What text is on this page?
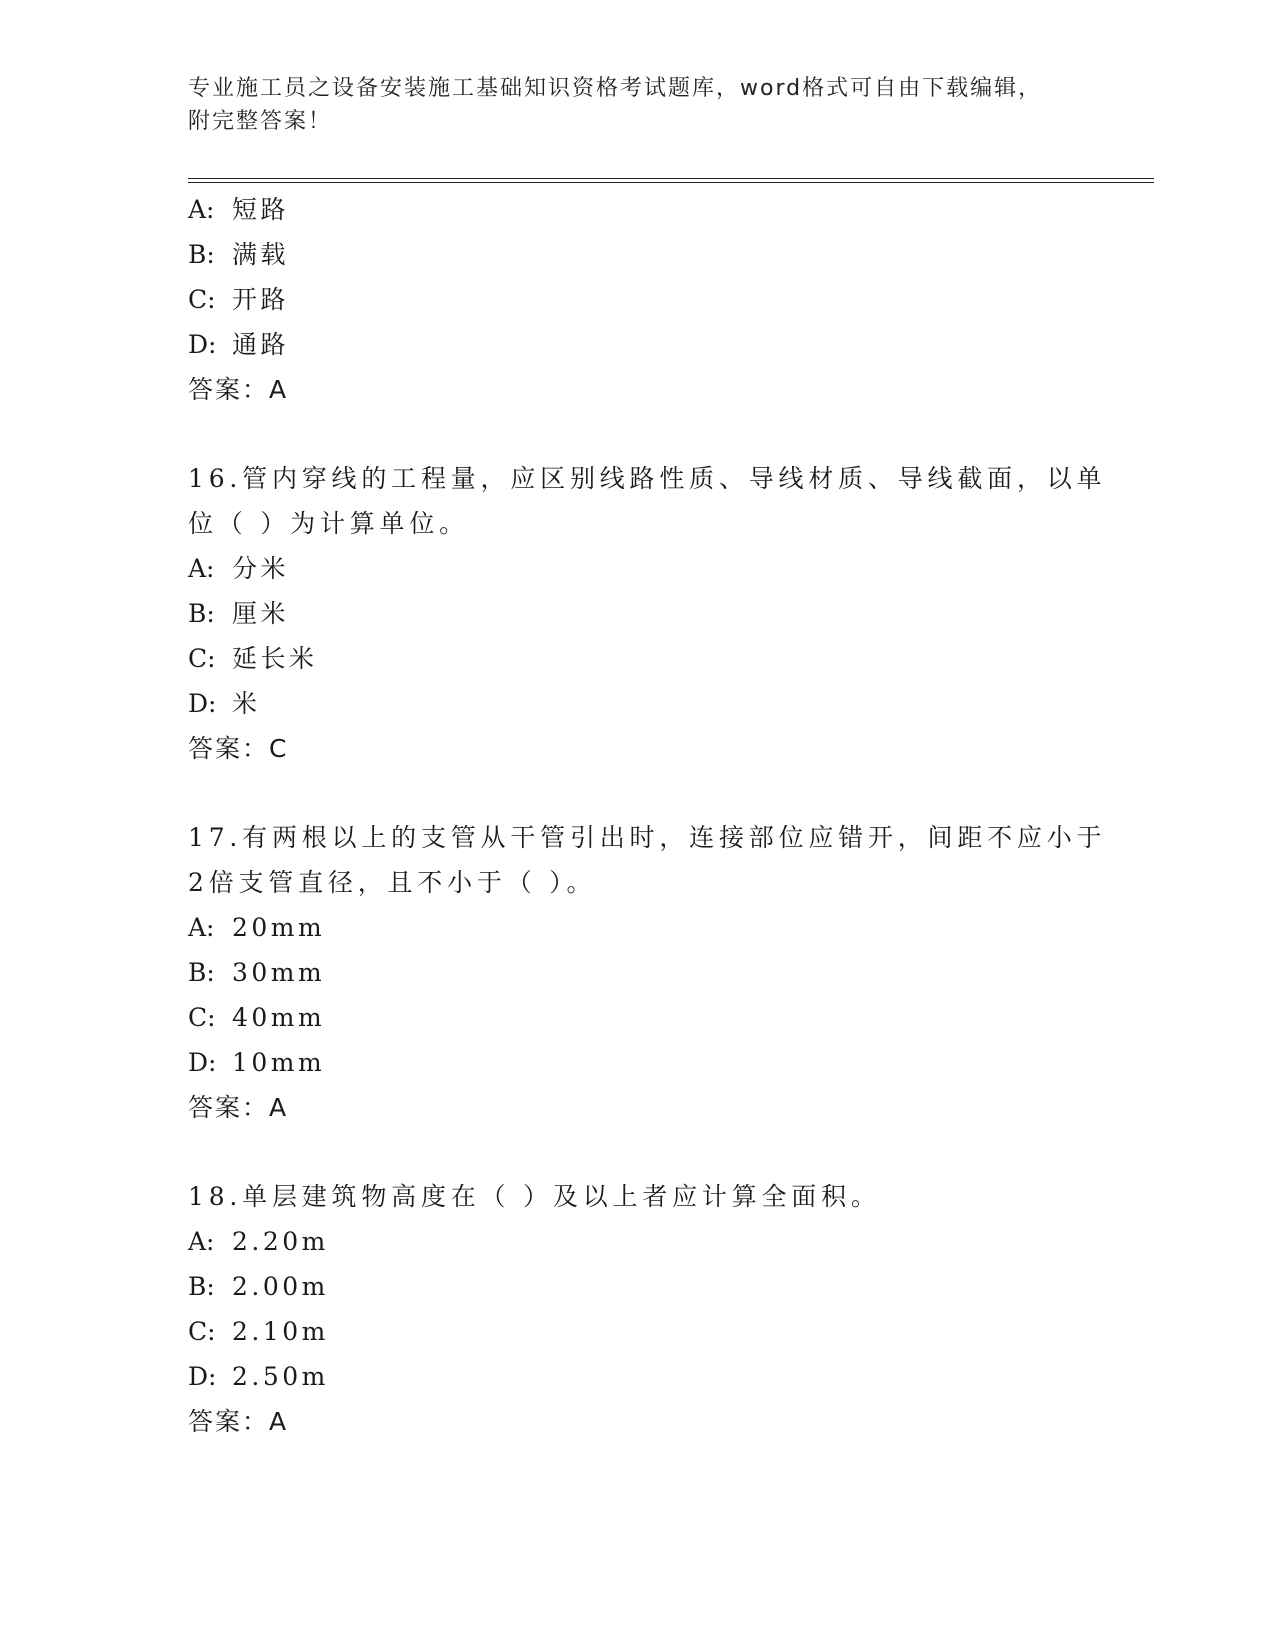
专业施工员之设备安装施工基础知识资格考试题库，word格式可自由下载编辑，
附完整答案！
A: 短路
B: 满载
C: 开路
D: 通路
答案：A
16.管内穿线的工程量，应区别线路性质、导线材质、导线截面，以单
位（ ）为计算单位。
A: 分米
B: 厘米
C: 延长米
D: 米
答案：C
17.有两根以上的支管从干管引出时，连接部位应错开，间距不应小于
2倍支管直径，且不小于（ ）。
A: 20mm
B: 30mm
C: 40mm
D: 10mm
答案：A
18.单层建筑物高度在（ ）及以上者应计算全面积。
A: 2.20m
B: 2.00m
C: 2.10m
D: 2.50m
答案：A
